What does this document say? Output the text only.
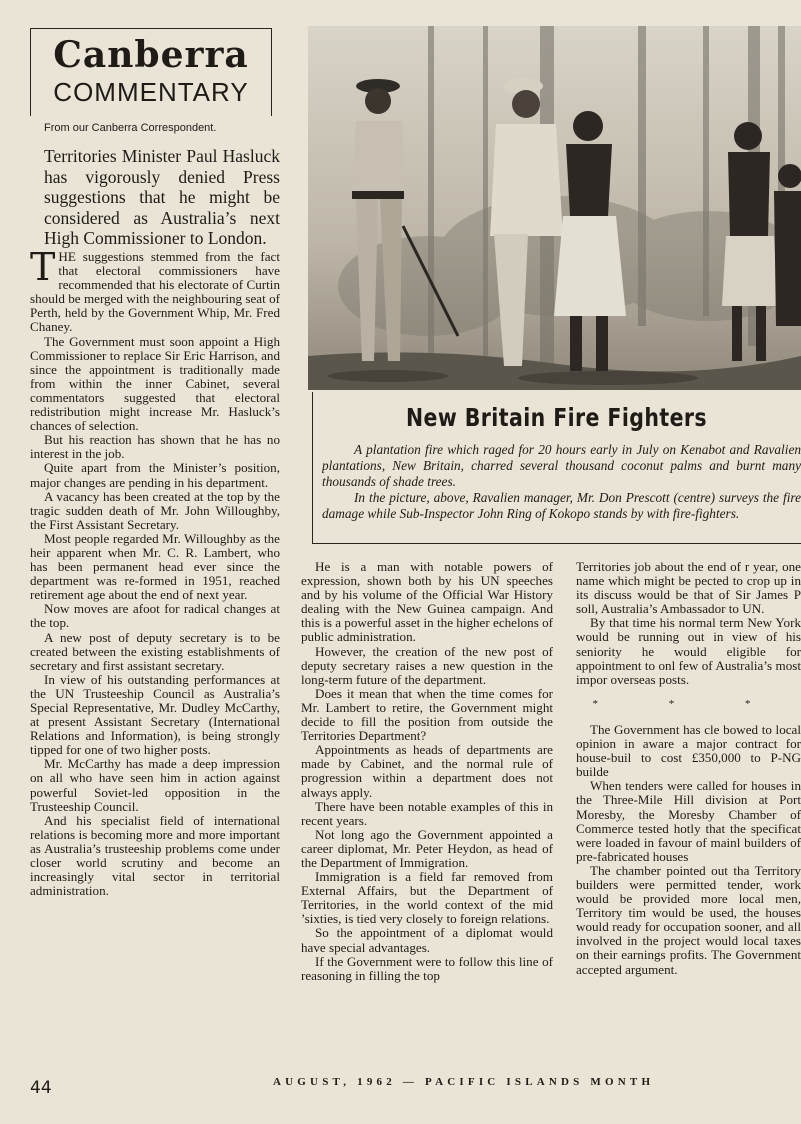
Canberra
COMMENTARY
From our Canberra Correspondent.
Territories Minister Paul Hasluck has vigorously denied Press suggestions that he might be considered as Australia’s next High Commissioner to London.

THE suggestions stemmed from the fact that electoral commissioners have recommended that his electorate of Curtin should be merged with the neighbouring seat of Perth, held by the Government Whip, Mr. Fred Chaney.

The Government must soon appoint a High Commissioner to replace Sir Eric Harrison, and since the appointment is traditionally made from within the inner Cabinet, several commentators suggested that electoral redistribution might increase Mr. Hasluck’s chances of selection.

But his reaction has shown that he has no interest in the job.

Quite apart from the Minister’s position, major changes are pending in his department.

A vacancy has been created at the top by the tragic sudden death of Mr. John Willoughby, the First Assistant Secretary.

Most people regarded Mr. Willoughby as the heir apparent when Mr. C. R. Lambert, who has been permanent head ever since the department was re-formed in 1951, reached retirement age about the end of next year.

Now moves are afoot for radical changes at the top.

A new post of deputy secretary is to be created between the existing establishments of secretary and first assistant secretary.

In view of his outstanding performances at the UN Trusteeship Council as Australia’s Special Representative, Mr. Dudley McCarthy, at present Assistant Secretary (International Relations and Information), is being strongly tipped for one of two higher posts.

Mr. McCarthy has made a deep impression on all who have seen him in action against powerful Soviet-led opposition in the Trusteeship Council.

And his specialist field of international relations is becoming more and more important as Australia’s trusteeship problems come under closer world scrutiny and become an increasingly vital sector in territorial administration.

New Britain Fire Fighters
A plantation fire which raged for 20 hours early in July on Kenabot and Ravalien plantations, New Britain, charred several thousand coconut palms and burnt many thousands of shade trees.
In the picture, above, Ravalien manager, Mr. Don Prescott (centre) surveys the fire damage while Sub-Inspector John Ring of Kokopo stands by with fire-fighters.

He is a man with notable powers of expression, shown both by his UN speeches and by his volume of the Official War History dealing with the New Guinea campaign. And this is a powerful asset in the higher echelons of public administration.

However, the creation of the new post of deputy secretary raises a new question in the long-term future of the department.

Does it mean that when the time comes for Mr. Lambert to retire, the Government might decide to fill the position from outside the Territories Department?

Appointments as heads of departments are made by Cabinet, and the normal rule of progression within a department does not always apply.

There have been notable examples of this in recent years.

Not long ago the Government appointed a career diplomat, Mr. Peter Heydon, as head of the Department of Immigration.

Immigration is a field far removed from External Affairs, but the Department of Territories, in the world context of the mid ’sixties, is tied very closely to foreign relations.

So the appointment of a diplomat would have special advantages.

If the Government were to follow this line of reasoning in filling the top

Territories job about the end of r year, one name which might be pected to crop up in its discuss would be that of Sir James P soll, Australia’s Ambassador to UN.

By that time his normal term New York would be running out in view of his seniority he would eligible for appointment to onl few of Australia’s most impor overseas posts.

* * *

The Government has cle bowed to local opinion in aware a major contract for house-buil to cost £350,000 to P-NG builde

When tenders were called for houses in the Three-Mile Hill division at Port Moresby, the Moresby Chamber of Commerce tested hotly that the specificat were loaded in favour of mainl builders of pre-fabricated houses

The chamber pointed out tha Territory builders were permitted tender, work would be provided more local men, Territory tim would be used, the houses would ready for occupation sooner, and all involved in the project would local taxes on their earnings profits. The Government accepted argument.

44	AUGUST, 1962 — PACIFIC ISLANDS MONTH
